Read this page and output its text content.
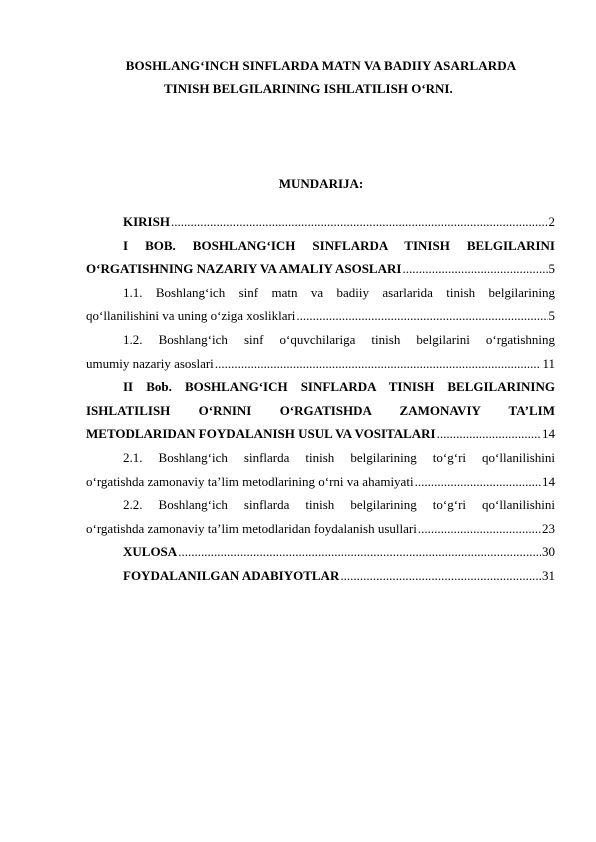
BOSHLANG‘INCH SINFLARDA MATN VA BADIIY ASARLARDA
TINISH BELGILARINING ISHLATILISH O‘RNI.
MUNDARIJA:
KIRISH .....	2
I BOB. BOSHLANG‘ICH SINFLARDA TINISH BELGILARINI
O‘RGATISHNING NAZARIY VA AMALIY ASOSLARI .....	5
1.1. Boshlang‘ich sinf matn va badiiy asarlarida tinish belgilarining
qo‘llanilishini va uning o‘ziga xosliklari .....	5
1.2. Boshlang‘ich sinf o‘quvchilariga tinish belgilarini o‘rgatishning
umumiy nazariy asoslari .....	11
II Bob. BOSHLANG‘ICH SINFLARDA TINISH BELGILARINING
ISHLATILISH O‘RNINI O‘RGATISHDA ZAMONAVIY TA’LIM
METODLARIDAN FOYDALANISH USUL VA VOSITALARI .....	14
2.1. Boshlang‘ich sinflarda tinish belgilarining to‘g‘ri qo‘llanilishini
o‘rgatishda zamonaviy ta’lim metodlarining o‘rni va ahamiyati .....	14
2.2. Boshlang‘ich sinflarda tinish belgilarining to‘g‘ri qo‘llanilishini
o‘rgatishda zamonaviy ta’lim metodlaridan foydalanish usullari .....	23
XULOSA .....	30
FOYDALANILGAN ADABIYOTLAR .....	31
